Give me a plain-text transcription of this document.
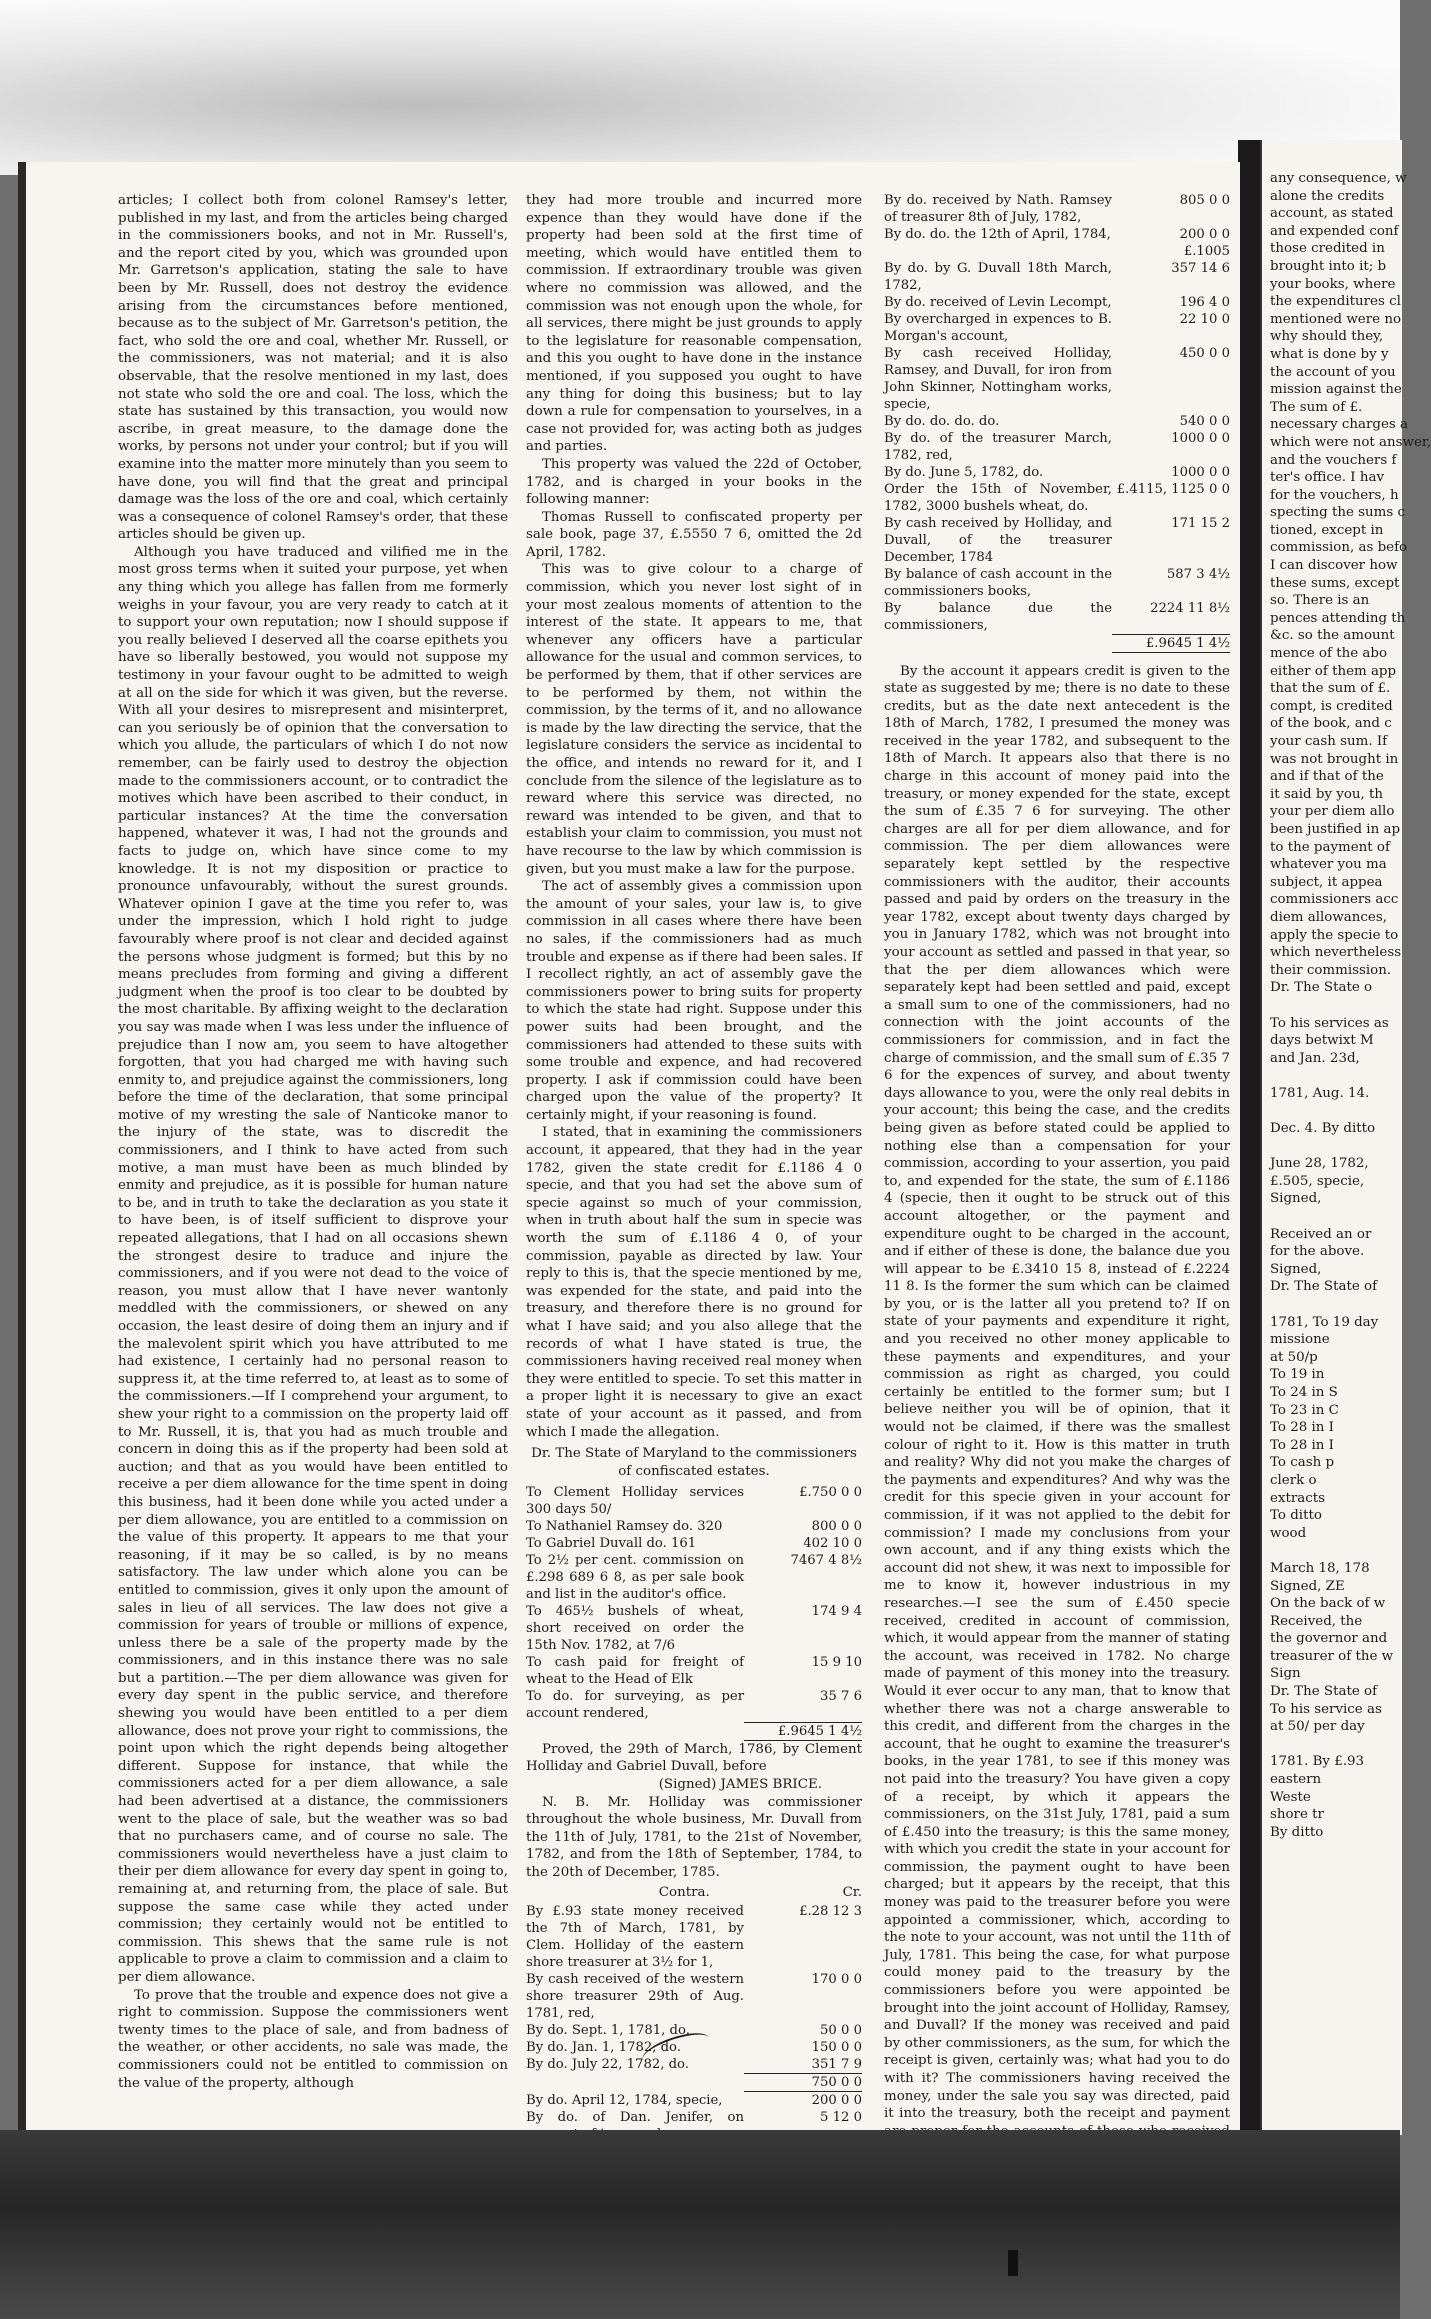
articles; I collect both from colonel Ramsey's letter, published in my last, and from the articles being charged in the commissioners books, and not in Mr. Russell's, and the report cited by you, which was grounded upon Mr. Garretson's application, stating the sale to have been by Mr. Russell, does not destroy the evidence arising from the circumstances before mentioned, because as to the subject of Mr. Garretson's petition, the fact, who sold the ore and coal, whether Mr. Russell, or the commissioners, was not material; and it is also observable, that the resolve mentioned in my last, does not state who sold the ore and coal. The loss, which the state has sustained by this transaction, you would now ascribe, in great measure, to the damage done the works, by persons not under your control; but if you will examine into the matter more minutely than you seem to have done, you will find that the great and principal damage was the loss of the ore and coal, which certainly was a consequence of colonel Ramsey's order, that these articles should be given up.

Although you have traduced and vilified me in the most gross terms when it suited your purpose, yet when any thing which you allege has fallen from me formerly weighs in your favour, you are very ready to catch at it to support your own reputation; now I should suppose if you really believed I deserved all the coarse epithets you have so liberally bestowed, you would not suppose my testimony in your favour ought to be admitted to weigh at all on the side for which it was given, but the reverse. With all your desires to misrepresent and misinterpret, can you seriously be of opinion that the conversation to which you allude, the particulars of which I do not now remember, can be fairly used to destroy the objection made to the commissioners account, or to contradict the motives which have been ascribed to their conduct, in particular instances? At the time the conversation happened, whatever it was, I had not the grounds and facts to judge on, which have since come to my knowledge. It is not my disposition or practice to pronounce unfavourably, without the surest grounds. Whatever opinion I gave at the time you refer to, was under the impression, which I hold right to judge favourably where proof is not clear and decided against the persons whose judgment is formed; but this by no means precludes from forming and giving a different judgment when the proof is too clear to be doubted by the most charitable. By affixing weight to the declaration you say was made when I was less under the influence of prejudice than I now am, you seem to have altogether forgotten, that you had charged me with having such enmity to, and prejudice against the commissioners, long before the time of the declaration, that some principal motive of my wresting the sale of Nanticoke manor to the injury of the state, was to discredit the commissioners, and I think to have acted from such motive, a man must have been as much blinded by enmity and prejudice, as it is possible for human nature to be, and in truth to take the declaration as you state it to have been, is of itself sufficient to disprove your repeated allegations, that I had on all occasions shewn the strongest desire to traduce and injure the commissioners, and if you were not dead to the voice of reason, you must allow that I have never wantonly meddled with the commissioners, or shewed on any occasion, the least desire of doing them an injury and if the malevolent spirit which you have attributed to me had existence, I certainly had no personal reason to suppress it, at the time referred to, at least as to some of the commissioners.—If I comprehend your argument, to shew your right to a commission on the property laid off to Mr. Russell, it is, that you had as much trouble and concern in doing this as if the property had been sold at auction; and that as you would have been entitled to receive a per diem allowance for the time spent in doing this business, had it been done while you acted under a per diem allowance, you are entitled to a commission on the value of this property. It appears to me that your reasoning, if it may be so called, is by no means satisfactory. The law under which alone you can be entitled to commission, gives it only upon the amount of sales in lieu of all services. The law does not give a commission for years of trouble or millions of expence, unless there be a sale of the property made by the commissioners, and in this instance there was no sale but a partition.—The per diem allowance was given for every day spent in the public service, and therefore shewing you would have been entitled to a per diem allowance, does not prove your right to commissions, the point upon which the right depends being altogether different. Suppose for instance, that while the commissioners acted for a per diem allowance, a sale had been advertised at a distance, the commissioners went to the place of sale, but the weather was so bad that no purchasers came, and of course no sale. The commissioners would nevertheless have a just claim to their per diem allowance for every day spent in going to, remaining at, and returning from, the place of sale. But suppose the same case while they acted under commission; they certainly would not be entitled to commission. This shews that the same rule is not applicable to prove a claim to commission and a claim to per diem allowance.

To prove that the trouble and expence does not give a right to commission. Suppose the commissioners went twenty times to the place of sale, and from badness of the weather, or other accidents, no sale was made, the commissioners could not be entitled to commission on the value of the property, although

they had more trouble and incurred more expence than they would have done if the property had been sold at the first time of meeting, which would have entitled them to commission. If extraordinary trouble was given where no commission was allowed, and the commission was not enough upon the whole, for all services, there might be just grounds to apply to the legislature for reasonable compensation, and this you ought to have done in the instance mentioned, if you supposed you ought to have any thing for doing this business; but to lay down a rule for compensation to yourselves, in a case not provided for, was acting both as judges and parties.

This property was valued the 22d of October, 1782, and is charged in your books in the following manner:

Thomas Russell to confiscated property per sale book, page 37, £.5550 7 6, omitted the 2d April, 1782.

This was to give colour to a charge of commission, which you never lost sight of in your most zealous moments of attention to the interest of the state. It appears to me, that whenever any officers have a particular allowance for the usual and common services, to be performed by them, that if other services are to be performed by them, not within the commission, by the terms of it, and no allowance is made by the law directing the service, that the legislature considers the service as incidental to the office, and intends no reward for it, and I conclude from the silence of the legislature as to reward where this service was directed, no reward was intended to be given, and that to establish your claim to commission, you must not have recourse to the law by which commission is given, but you must make a law for the purpose.

The act of assembly gives a commission upon the amount of your sales, your law is, to give commission in all cases where there have been no sales, if the commissioners had as much trouble and expense as if there had been sales. If I recollect rightly, an act of assembly gave the commissioners power to bring suits for property to which the state had right. Suppose under this power suits had been brought, and the commissioners had attended to these suits with some trouble and expence, and had recovered property. I ask if commission could have been charged upon the value of the property? It certainly might, if your reasoning is found.

I stated, that in examining the commissioners account, it appeared, that they had in the year 1782, given the state credit for £.1186 4 0 specie, and that you had set the above sum of specie against so much of your commission, when in truth about half the sum in specie was worth the sum of £.1186 4 0, of your commission, payable as directed by law. Your reply to this is, that the specie mentioned by me, was expended for the state, and paid into the treasury, and therefore there is no ground for what I have said; and you also allege that the records of what I have stated is true, the commissioners having received real money when they were entitled to specie. To set this matter in a proper light it is necessary to give an exact state of your account as it passed, and from which I made the allegation.

Dr. The State of Maryland to the commissioners of confiscated estates.
To Clement Holliday services 300 days 50/	£.750 0 0
To Nathaniel Ramsey do. 320	800 0 0
To Gabriel Duvall do. 161	402 10 0
To 2½ per cent. commission on £.298 689 6 8, as per sale book and list in the auditor's office.	7467 4 8½
To 465½ bushels of wheat, short received on order the 15th Nov. 1782, at 7/6	174 9 4
To cash paid for freight of wheat to the Head of Elk	15 9 10
To do. for surveying, as per account rendered,	35 7 6
	£.9645 1 4½

Proved, the 29th of March, 1786, by Clement Holliday and Gabriel Duvall, before

(Signed) JAMES BRICE.

N. B. Mr. Holliday was commissioner throughout the whole business, Mr. Duvall from the 11th of July, 1781, to the 21st of November, 1782, and from the 18th of September, 1784, to the 20th of December, 1785.

Contra.	Cr.
By £.93 state money received the 7th of March, 1781, by Clem. Holliday of the eastern shore treasurer at 3½ for 1,	£.28 12 3
By cash received of the western shore treasurer 29th of Aug. 1781, red,	170 0 0
By do. Sept. 1, 1781, do.	50 0 0
By do. Jan. 1, 1782, do.	150 0 0
By do. July 22, 1782, do.	351 7 9
	750 0 0
By do. April 12, 1784, specie,	200 0 0
By do. of Dan. Jenifer, on	5 12 0

By do. received by Nath. Ramsey of treasurer 8th of July, 1782,	805 0 0
By do. do. the 12th of April, 1784,	200 0 0
	£.1005
By do. by G. Duvall 18th March, 1782,	357 14 6
By do. received of Levin Lecompt,	196 4 0
By overcharged in expences to B. Morgan's account,	22 10 0
By cash received Holliday, Ramsey, and Duvall, for iron from John Skinner, Nottingham works, specie,	450 0 0
By do. do. do. do.	540 0 0
By do. of the treasurer March, 1782, red,	1000 0 0
By do. June 5, 1782, do.	1000 0 0
Order the 15th of November, 1782, 3000 bushels wheat, do.	£.4115, 1125 0 0
By cash received by Holliday, and Duvall, of the treasurer December, 1784	171 15 2
By balance of cash account in the commissioners books,	587 3 4½
By balance due the commissioners,	2224 11 8½
	£.9645 1 4½

By the account it appears credit is given to the state as suggested by me; there is no date to these credits, but as the date next antecedent is the 18th of March, 1782, I presumed the money was received in the year 1782, and subsequent to the 18th of March. It appears also that there is no charge in this account of money paid into the treasury, or money expended for the state, except the sum of £.35 7 6 for surveying. The other charges are all for per diem allowance, and for commission. The per diem allowances were separately kept settled by the respective commissioners with the auditor, their accounts passed and paid by orders on the treasury in the year 1782, except about twenty days charged by you in January 1782, which was not brought into your account as settled and passed in that year, so that the per diem allowances which were separately kept had been settled and paid, except a small sum to one of the commissioners, had no connection with the joint accounts of the commissioners for commission, and in fact the charge of commission, and the small sum of £.35 7 6 for the expences of survey, and about twenty days allowance to you, were the only real debits in your account; this being the case, and the credits being given as before stated could be applied to nothing else than a compensation for your commission, according to your assertion, you paid to, and expended for the state, the sum of £.1186 4 (specie, then it ought to be struck out of this account altogether, or the payment and expenditure ought to be charged in the account, and if either of these is done, the balance due you will appear to be £.3410 15 8, instead of £.2224 11 8. Is the former the sum which can be claimed by you, or is the latter all you pretend to? If on state of your payments and expenditure it right, and you received no other money applicable to these payments and expenditures, and your commission as right as charged, you could certainly be entitled to the former sum; but I believe neither you will be of opinion, that it would not be claimed, if there was the smallest colour of right to it. How is this matter in truth and reality? Why did not you make the charges of the payments and expenditures? And why was the credit for this specie given in your account for commission, if it was not applied to the debit for commission? I made my conclusions from your own account, and if any thing exists which the account did not shew, it was next to impossible for me to know it, however industrious in my researches.—I see the sum of £.450 specie received, credited in account of commission, which, it would appear from the manner of stating the account, was received in 1782. No charge made of payment of this money into the treasury. Would it ever occur to any man, that to know that whether there was not a charge answerable to this credit, and different from the charges in the account, that he ought to examine the treasurer's books, in the year 1781, to see if this money was not paid into the treasury? You have given a copy of a receipt, by which it appears the commissioners, on the 31st July, 1781, paid a sum of £.450 into the treasury; is this the same money, with which you credit the state in your account for commission, the payment ought to have been charged; but it appears by the receipt, that this money was paid to the treasurer before you were appointed a commissioner, which, according to the note to your account, was not until the 11th of July, 1781. This being the case, for what purpose could money paid to the treasury by the commissioners before you were appointed be brought into the joint account of Holliday, Ramsey, and Duvall? If the money was received and paid by other commissioners, as the sum, for which the receipt is given, certainly was; what had you to do with it? The commissioners having received the money, under the sale you say was directed, paid it into the treasury, both the receipt and payment

any consequence, w
alone the credits
account, as stated
and expended conf
those credited in
brought into it; b
your books, where
the expenditures cl
mentioned were no
why should they,
what is done by y
the account of you
mission against the
The sum of £.
necessary charges a
which were not answer,
and the vouchers f
ter's office. I hav
for the vouchers, h
specting the sums c
tioned, except in
commission, as befo
I can discover how
these sums, except
so. There is an
pences attending th
&c. so the amount
mence of the abo
either of them app
that the sum of £.
compt, is credited
of the book, and c
your cash sum. If
was not brought in
and if that of the
it said by you, th
your per diem allo
been justified in ap
to the payment of
whatever you ma
subject, it appea
commissioners acc
diem allowances,
apply the specie to
which nevertheless
their commission.
Dr. The State o

To his services as
days betwixt M
and Jan. 23d,

1781, Aug. 14.

Dec. 4. By ditto

June 28, 1782,
£.505, specie,
Signed,

Received an or
for the above.
Signed,
Dr. The State of

1781, To 19 day
missione
at 50/p
To 19 in
To 24 in S
To 23 in C
To 28 in I
To 28 in I
To cash p
clerk o
extracts
To ditto
wood

March 18, 178
Signed, ZE
On the back of w
Received, the
the governor and
treasurer of the w
Sign
Dr. The State of
To his service as
at 50/ per day

1781. By £.93
eastern
Weste
shore tr
By ditto
